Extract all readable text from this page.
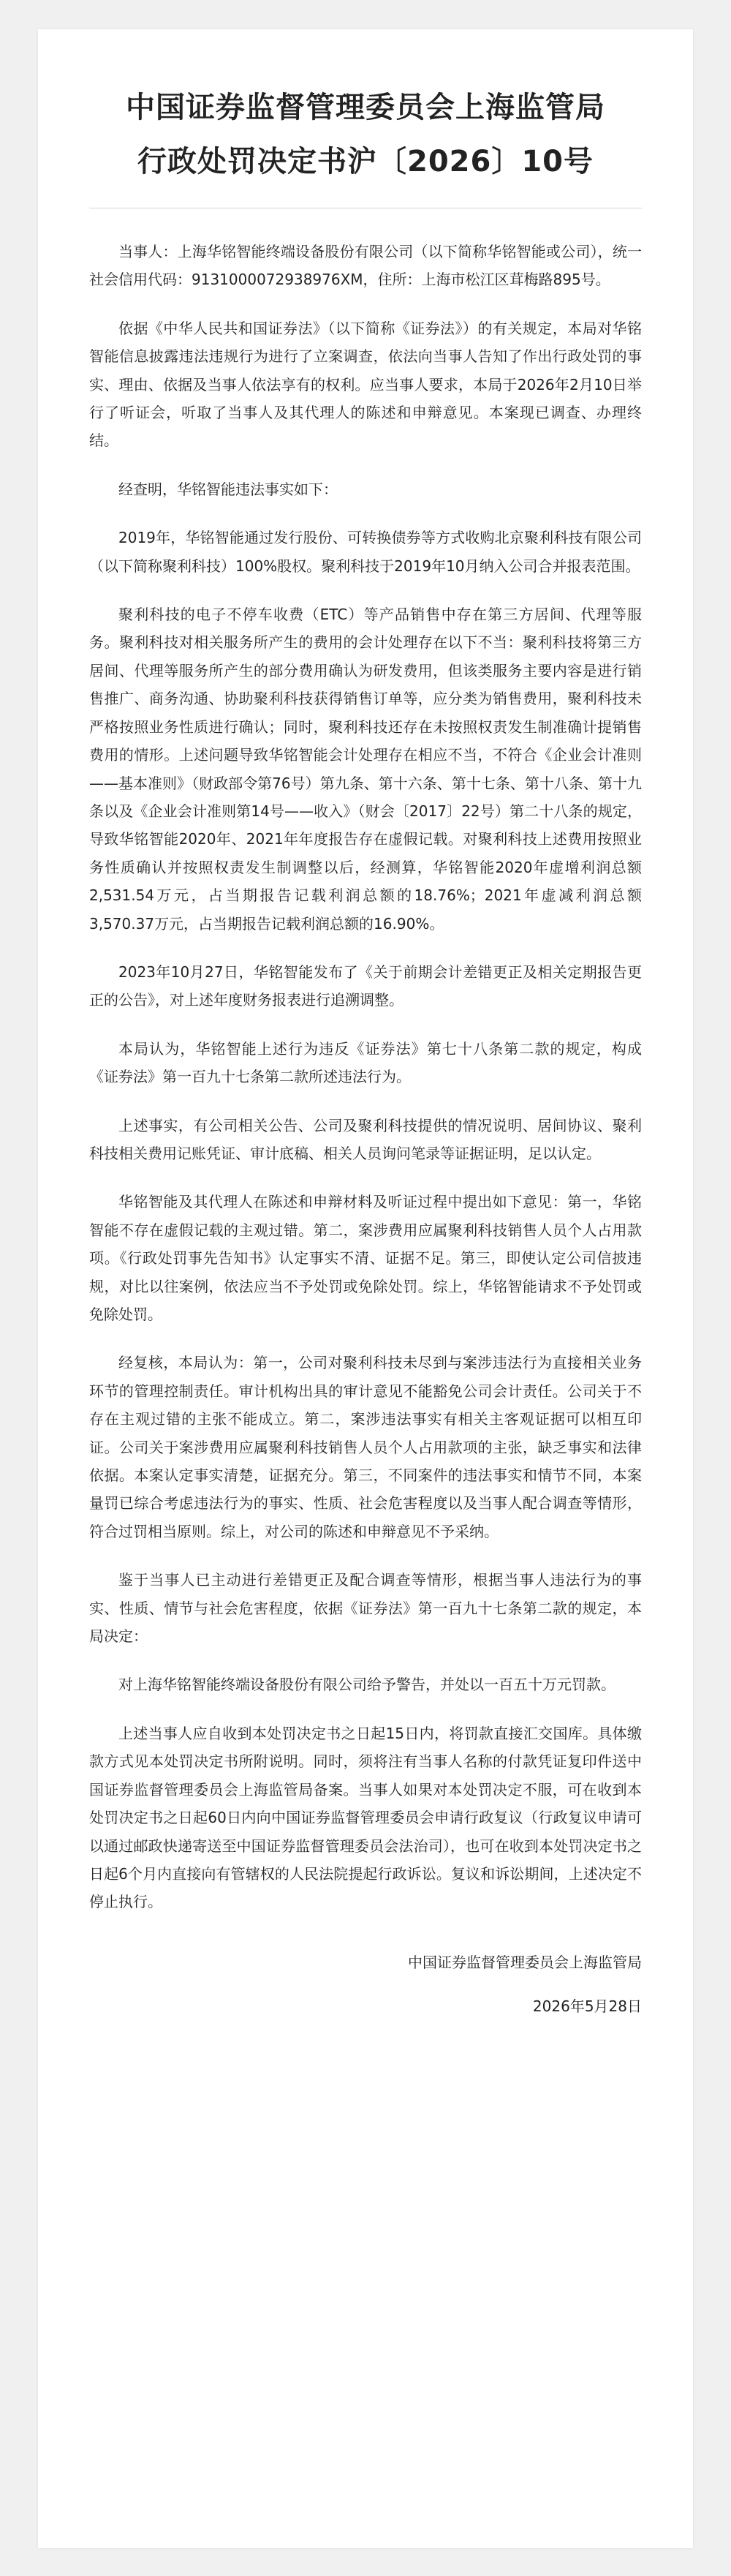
中国证券监督管理委员会上海监管局
行政处罚决定书沪〔2026〕10号

当事人：上海华铭智能终端设备股份有限公司（以下简称华铭智能或公司），统一社会信用代码：9131000072938976XM，住所：上海市松江区茸梅路895号。

依据《中华人民共和国证券法》（以下简称《证券法》）的有关规定，本局对华铭智能信息披露违法违规行为进行了立案调查，依法向当事人告知了作出行政处罚的事实、理由、依据及当事人依法享有的权利。应当事人要求，本局于2026年2月10日举行了听证会，听取了当事人及其代理人的陈述和申辩意见。本案现已调查、办理终结。

经查明，华铭智能违法事实如下：

2019年，华铭智能通过发行股份、可转换债券等方式收购北京聚利科技有限公司（以下简称聚利科技）100%股权。聚利科技于2019年10月纳入公司合并报表范围。

聚利科技的电子不停车收费（ETC）等产品销售中存在第三方居间、代理等服务。聚利科技对相关服务所产生的费用的会计处理存在以下不当：聚利科技将第三方居间、代理等服务所产生的部分费用确认为研发费用，但该类服务主要内容是进行销售推广、商务沟通、协助聚利科技获得销售订单等，应分类为销售费用，聚利科技未严格按照业务性质进行确认；同时，聚利科技还存在未按照权责发生制准确计提销售费用的情形。上述问题导致华铭智能会计处理存在相应不当，不符合《企业会计准则——基本准则》（财政部令第76号）第九条、第十六条、第十七条、第十八条、第十九条以及《企业会计准则第14号——收入》（财会〔2017〕22号）第二十八条的规定，导致华铭智能2020年、2021年年度报告存在虚假记载。对聚利科技上述费用按照业务性质确认并按照权责发生制调整以后，经测算，华铭智能2020年虚增利润总额2,531.54万元，占当期报告记载利润总额的18.76%；2021年虚减利润总额3,570.37万元，占当期报告记载利润总额的16.90%。

2023年10月27日，华铭智能发布了《关于前期会计差错更正及相关定期报告更正的公告》，对上述年度财务报表进行追溯调整。

本局认为，华铭智能上述行为违反《证券法》第七十八条第二款的规定，构成《证券法》第一百九十七条第二款所述违法行为。

上述事实，有公司相关公告、公司及聚利科技提供的情况说明、居间协议、聚利科技相关费用记账凭证、审计底稿、相关人员询问笔录等证据证明，足以认定。

华铭智能及其代理人在陈述和申辩材料及听证过程中提出如下意见：第一，华铭智能不存在虚假记载的主观过错。第二，案涉费用应属聚利科技销售人员个人占用款项。《行政处罚事先告知书》认定事实不清、证据不足。第三，即使认定公司信披违规，对比以往案例，依法应当不予处罚或免除处罚。综上，华铭智能请求不予处罚或免除处罚。

经复核，本局认为：第一，公司对聚利科技未尽到与案涉违法行为直接相关业务环节的管理控制责任。审计机构出具的审计意见不能豁免公司会计责任。公司关于不存在主观过错的主张不能成立。第二，案涉违法事实有相关主客观证据可以相互印证。公司关于案涉费用应属聚利科技销售人员个人占用款项的主张，缺乏事实和法律依据。本案认定事实清楚，证据充分。第三，不同案件的违法事实和情节不同，本案量罚已综合考虑违法行为的事实、性质、社会危害程度以及当事人配合调查等情形，符合过罚相当原则。综上，对公司的陈述和申辩意见不予采纳。

鉴于当事人已主动进行差错更正及配合调查等情形，根据当事人违法行为的事实、性质、情节与社会危害程度，依据《证券法》第一百九十七条第二款的规定，本局决定：

对上海华铭智能终端设备股份有限公司给予警告，并处以一百五十万元罚款。

上述当事人应自收到本处罚决定书之日起15日内，将罚款直接汇交国库。具体缴款方式见本处罚决定书所附说明。同时，须将注有当事人名称的付款凭证复印件送中国证券监督管理委员会上海监管局备案。当事人如果对本处罚决定不服，可在收到本处罚决定书之日起60日内向中国证券监督管理委员会申请行政复议（行政复议申请可以通过邮政快递寄送至中国证券监督管理委员会法治司），也可在收到本处罚决定书之日起6个月内直接向有管辖权的人民法院提起行政诉讼。复议和诉讼期间，上述决定不停止执行。

中国证券监督管理委员会上海监管局
2026年5月28日
